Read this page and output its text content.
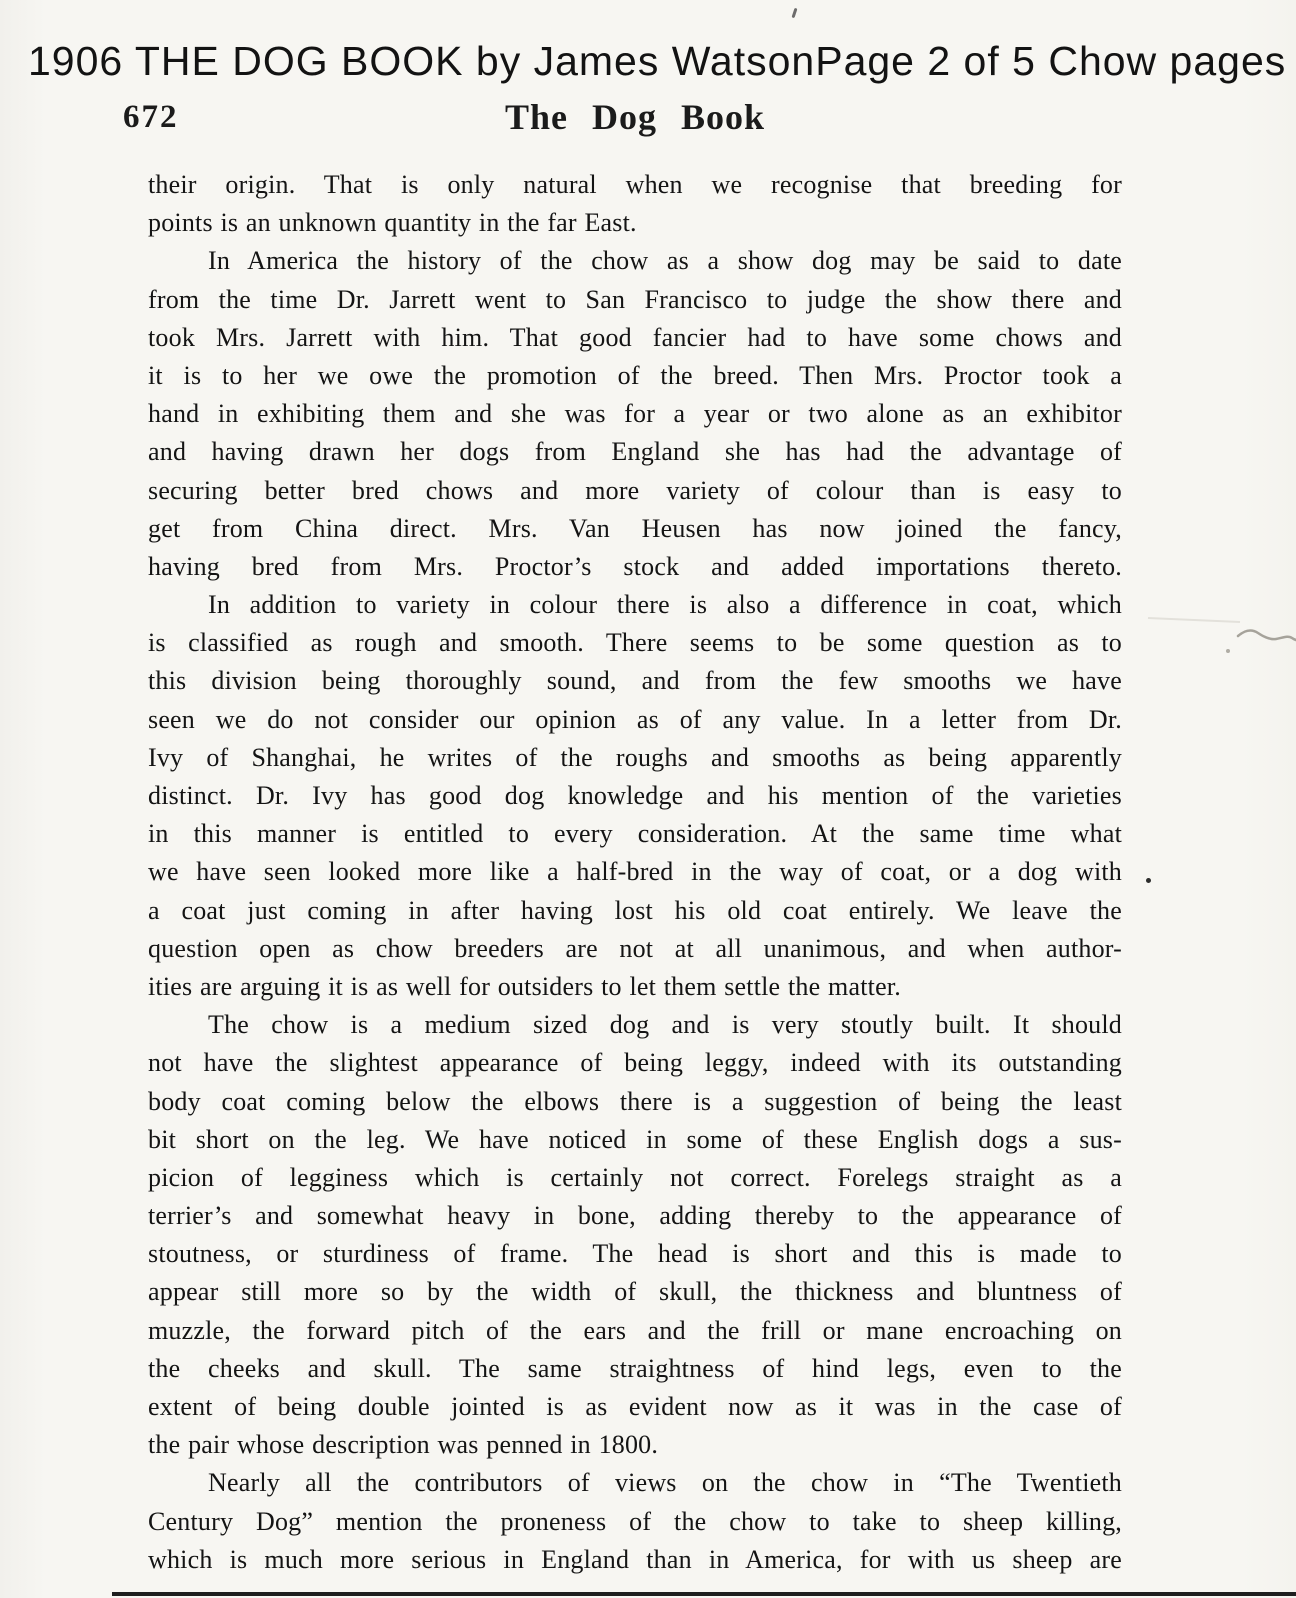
1906 THE DOG BOOK by James Watson Page 2 of 5 Chow pages
672	The Dog Book
their origin. That is only natural when we recognise that breeding for
points is an unknown quantity in the far East.
In America the history of the chow as a show dog may be said to date
from the time Dr. Jarrett went to San Francisco to judge the show there and
took Mrs. Jarrett with him. That good fancier had to have some chows and
it is to her we owe the promotion of the breed. Then Mrs. Proctor took a
hand in exhibiting them and she was for a year or two alone as an exhibitor
and having drawn her dogs from England she has had the advantage of
securing better bred chows and more variety of colour than is easy to
get from China direct. Mrs. Van Heusen has now joined the fancy,
having bred from Mrs. Proctor’s stock and added importations thereto.
In addition to variety in colour there is also a difference in coat, which
is classified as rough and smooth. There seems to be some question as to
this division being thoroughly sound, and from the few smooths we have
seen we do not consider our opinion as of any value. In a letter from Dr.
Ivy of Shanghai, he writes of the roughs and smooths as being apparently
distinct. Dr. Ivy has good dog knowledge and his mention of the varieties
in this manner is entitled to every consideration. At the same time what
we have seen looked more like a half-bred in the way of coat, or a dog with
a coat just coming in after having lost his old coat entirely. We leave the
question open as chow breeders are not at all unanimous, and when author-
ities are arguing it is as well for outsiders to let them settle the matter.
The chow is a medium sized dog and is very stoutly built. It should
not have the slightest appearance of being leggy, indeed with its outstanding
body coat coming below the elbows there is a suggestion of being the least
bit short on the leg. We have noticed in some of these English dogs a sus-
picion of legginess which is certainly not correct. Forelegs straight as a
terrier’s and somewhat heavy in bone, adding thereby to the appearance of
stoutness, or sturdiness of frame. The head is short and this is made to
appear still more so by the width of skull, the thickness and bluntness of
muzzle, the forward pitch of the ears and the frill or mane encroaching on
the cheeks and skull. The same straightness of hind legs, even to the
extent of being double jointed is as evident now as it was in the case of
the pair whose description was penned in 1800.
Nearly all the contributors of views on the chow in “The Twentieth
Century Dog” mention the proneness of the chow to take to sheep killing,
which is much more serious in England than in America, for with us sheep are
